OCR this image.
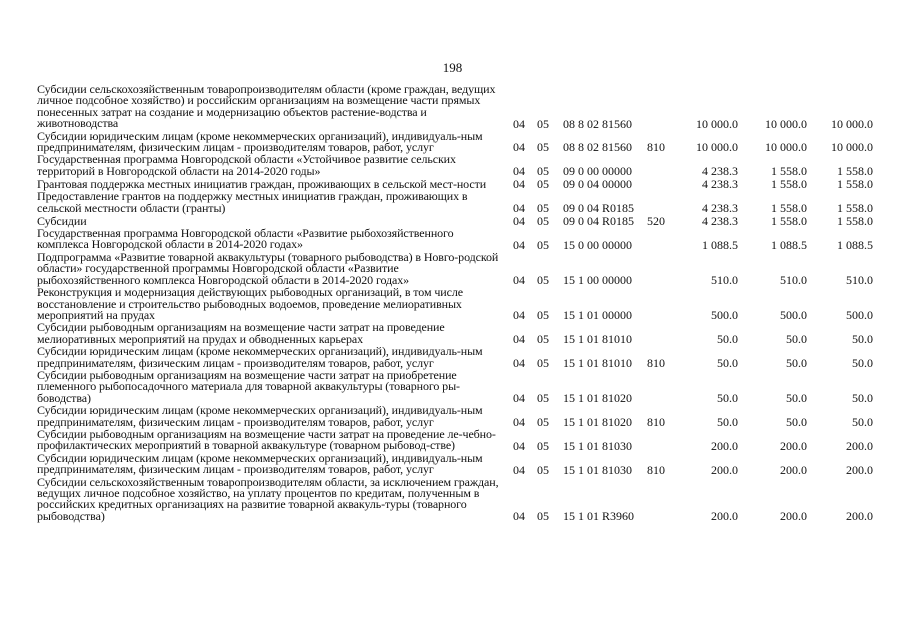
198
Субсидии сельскохозяйственным товаропроизводителям области (кроме граждан, ведущих личное подсобное хозяйство) и российским организациям на возмещение части прямых понесенных затрат на создание и модернизацию объектов растение-водства и животноводства	04	05	08 8 02 81560	10 000.0	10 000.0	10 000.0
Субсидии юридическим лицам (кроме некоммерческих организаций), индивидуаль-ным предпринимателям, физическим лицам - производителям товаров, работ, услуг	04	05	08 8 02 81560	810	10 000.0	10 000.0	10 000.0
Государственная программа Новгородской области «Устойчивое развитие сельских территорий в Новгородской области на 2014-2020 годы»	04	05	09 0 00 00000	4 238.3	1 558.0	1 558.0
Грантовая поддержка местных инициатив граждан, проживающих в сельской мест-ности	04	05	09 0 04 00000	4 238.3	1 558.0	1 558.0
Предоставление грантов на поддержку местных инициатив граждан, проживающих в сельской местности области (гранты)	04	05	09 0 04 R0185	4 238.3	1 558.0	1 558.0
Субсидии	04	05	09 0 04 R0185	520	4 238.3	1 558.0	1 558.0
Государственная программа Новгородской области «Развитие рыбохозяйственного комплекса Новгородской области в 2014-2020 годах»	04	05	15 0 00 00000	1 088.5	1 088.5	1 088.5
Подпрограмма «Развитие товарной аквакультуры (товарного рыбоводства) в Новго-родской области» государственной программы Новгородской области «Развитие рыбохозяйственного комплекса Новгородской области в 2014-2020 годах»	04	05	15 1 00 00000	510.0	510.0	510.0
Реконструкция и модернизация действующих рыбоводных организаций, в том числе восстановление и строительство рыбоводных водоемов, проведение мелиоративных мероприятий на прудах	04	05	15 1 01 00000	500.0	500.0	500.0
Субсидии рыбоводным организациям на возмещение части затрат на проведение мелиоративных мероприятий на прудах и обводненных карьерах	04	05	15 1 01 81010	50.0	50.0	50.0
Субсидии юридическим лицам (кроме некоммерческих организаций), индивидуаль-ным предпринимателям, физическим лицам - производителям товаров, работ, услуг	04	05	15 1 01 81010	810	50.0	50.0	50.0
Субсидии рыбоводным организациям на возмещение части затрат на приобретение племенного рыбопосадочного материала для товарной аквакультуры (товарного ры-боводства)	04	05	15 1 01 81020	50.0	50.0	50.0
Субсидии юридическим лицам (кроме некоммерческих организаций), индивидуаль-ным предпринимателям, физическим лицам - производителям товаров, работ, услуг	04	05	15 1 01 81020	810	50.0	50.0	50.0
Субсидии рыбоводным организациям на возмещение части затрат на проведение ле-чебно-профилактических мероприятий в товарной аквакультуре (товарном рыбовод-стве)	04	05	15 1 01 81030	200.0	200.0	200.0
Субсидии юридическим лицам (кроме некоммерческих организаций), индивидуаль-ным предпринимателям, физическим лицам - производителям товаров, работ, услуг	04	05	15 1 01 81030	810	200.0	200.0	200.0
Субсидии сельскохозяйственным товаропроизводителям области, за исключением граждан, ведущих личное подсобное хозяйство, на уплату процентов по кредитам, полученным в российских кредитных организациях на развитие товарной аквакуль-туры (товарного рыбоводства)	04	05	15 1 01 R3960	200.0	200.0	200.0
